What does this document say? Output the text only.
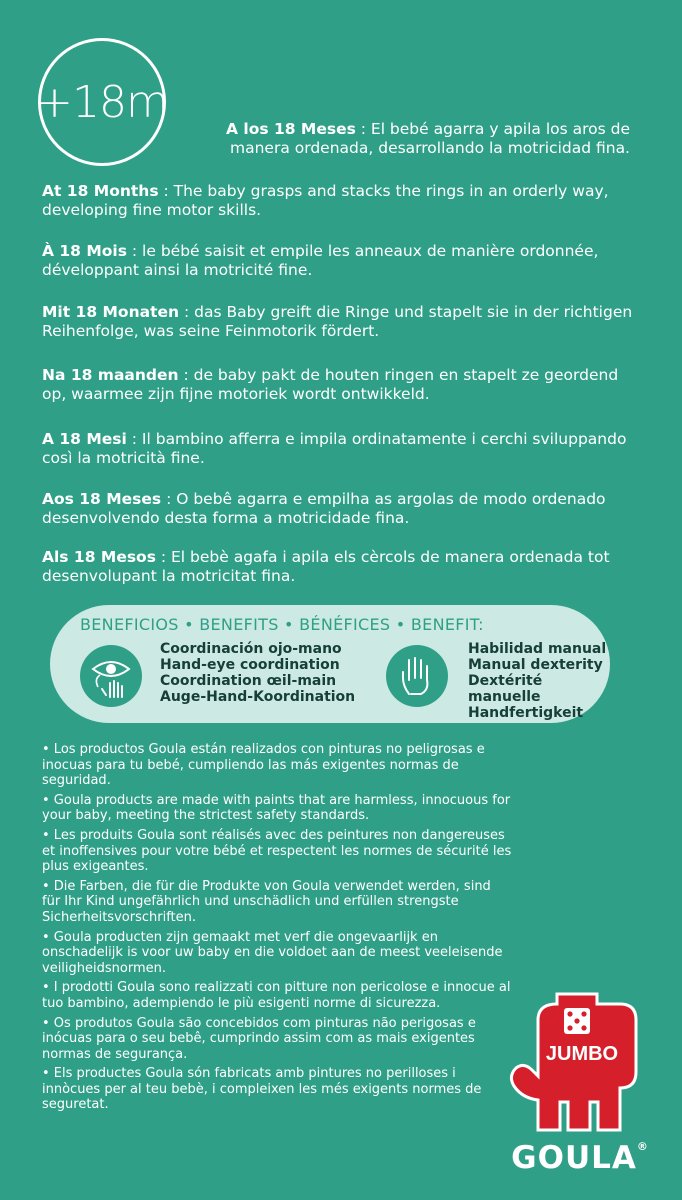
+18m
A los 18 Meses : El bebé agarra y apila los aros de manera ordenada, desarrollando la motricidad fina.
At 18 Months : The baby grasps and stacks the rings in an orderly way, developing fine motor skills.
À 18 Mois : le bébé saisit et empile les anneaux de manière ordonnée, développant ainsi la motricité fine.
Mit 18 Monaten : das Baby greift die Ringe und stapelt sie in der richtigen Reihenfolge, was seine Feinmotorik fördert.
Na 18 maanden : de baby pakt de houten ringen en stapelt ze geordend op, waarmee zijn fijne motoriek wordt ontwikkeld.
A 18 Mesi : Il bambino afferra e impila ordinatamente i cerchi sviluppando così la motricità fine.
Aos 18 Meses : O bebê agarra e empilha as argolas de modo ordenado desenvolvendo desta forma a motricidade fina.
Als 18 Mesos : El bebè agafa i apila els cèrcols de manera ordenada tot desenvolupant la motricitat fina.
BENEFICIOS • BENEFITS • BÉNÉFICES • BENEFIT:
Coordinación ojo-mano
Hand-eye coordination
Coordination œil-main
Auge-Hand-Koordination
Habilidad manual
Manual dexterity
Dextérité manuelle
Handfertigkeit
• Los productos Goula están realizados con pinturas no peligrosas e inocuas para tu bebé, cumpliendo las más exigentes normas de seguridad.
• Goula products are made with paints that are harmless, innocuous for your baby, meeting the strictest safety standards.
• Les produits Goula sont réalisés avec des peintures non dangereuses et inoffensives pour votre bébé et respectent les normes de sécurité les plus exigeantes.
• Die Farben, die für die Produkte von Goula verwendet werden, sind für Ihr Kind ungefährlich und unschädlich und erfüllen strengste Sicherheitsvorschriften.
• Goula producten zijn gemaakt met verf die ongevaarlijk en onschadelijk is voor uw baby en die voldoet aan de meest veeleisende veiligheidsnormen.
• I prodotti Goula sono realizzati con pitture non pericolose e innocue al tuo bambino, adempiendo le più esigenti norme di sicurezza.
• Os produtos Goula são concebidos com pinturas não perigosas e inócuas para o seu bebê, cumprindo assim com as mais exigentes normas de segurança.
• Els productes Goula són fabricats amb pintures no perilloses i innòcues per al teu bebè, i compleixen les més exigents normes de seguretat.
JUMBO
GOULA®
